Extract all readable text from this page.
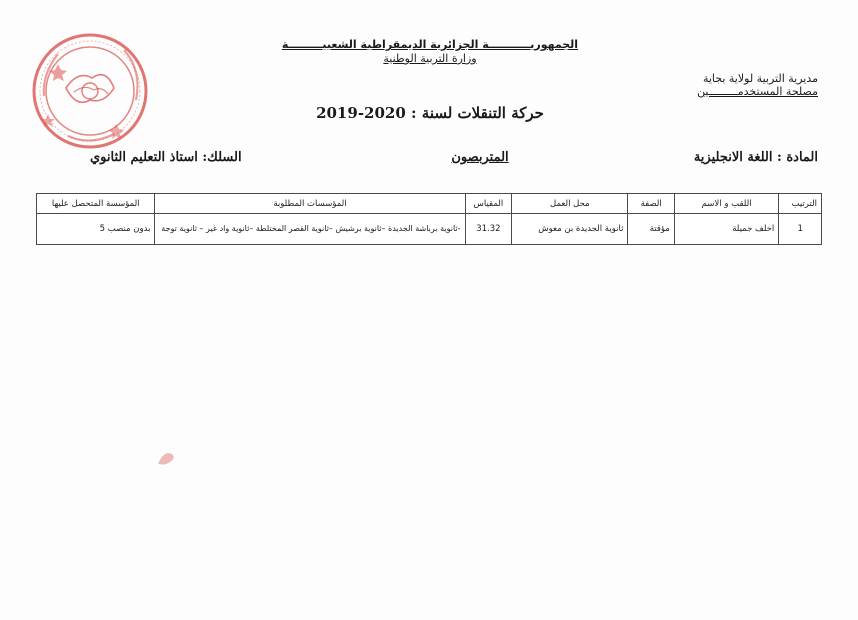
الجمهوريـــــــــــة الجزائرية الديمقراطية الشعبيـــــــــة
وزارة التربية الوطنية
مديرية التربية لولاية بجاية
مصلحة المستخدمـــــــــين
حركة التنقلات لسنة : 2020-2019
المادة : اللغة الانجليزية
المتربصون
السلك: استاذ التعليم الثانوي
الترتيب	اللقب و الاسم	الصفة	محل العمل	المقياس	المؤسسات المطلوبة	المؤسسة المتحصل عليها
1	اخلف جميلة	مؤقتة	ثانوية الجديدة بن معوش	31.32	-ثانوية برباشة الجديدة –ثانوية برشيش –ثانوية القصر المختلطة –ثانوية واد غير – ثانوية توجة	بدون منصب 5
